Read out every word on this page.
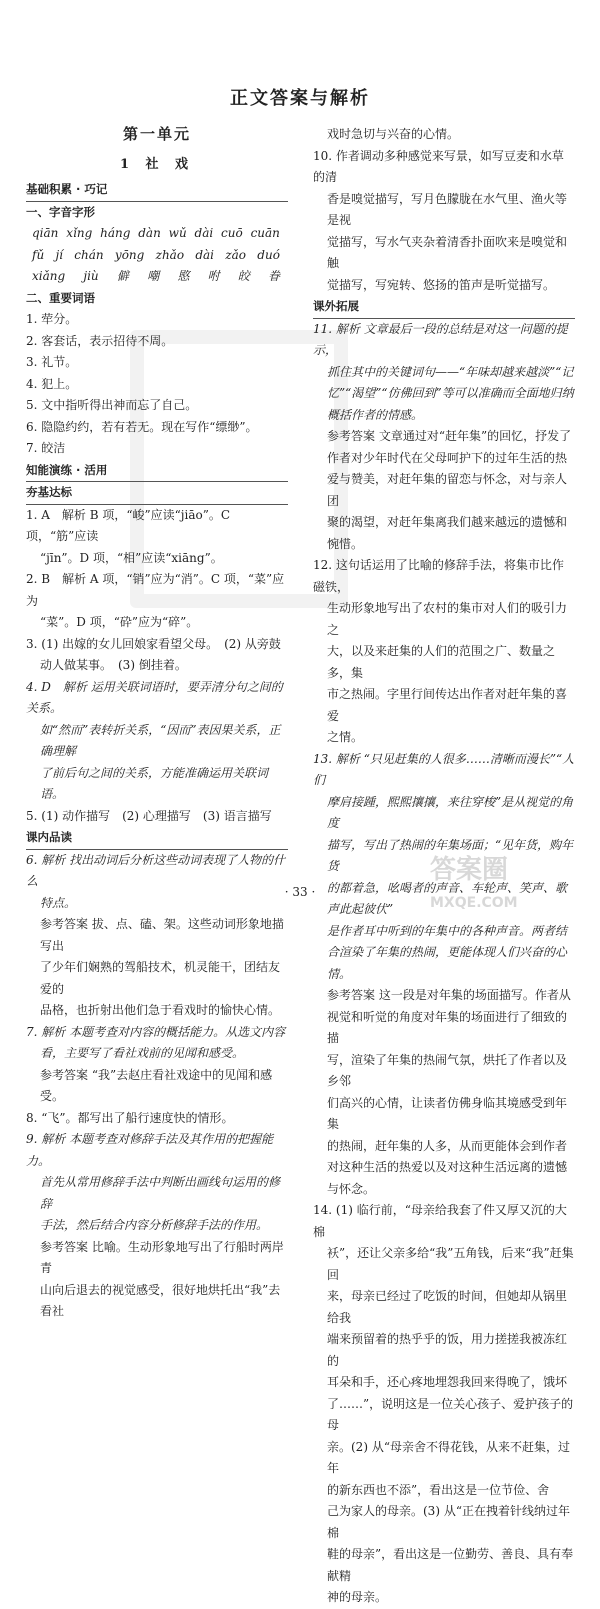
正文答案与解析
第一单元
1 社 戏
基础积累 · 巧记
一、字音字形
qiān xǐng háng dàn wǔ dài cuō cuān
fǔ jí chán yōng zhǎo dài zǎo duó
xiǎng jiù 僻 嘲 愍 咐 皎 眷
二、重要词语
1. 荦分。
2. 客套话，表示招待不周。
3. 礼节。
4. 犯上。
5. 文中指听得出神而忘了自己。
6. 隐隐约约，若有若无。现在写作“缥缈”。
7. 皎洁
知能演练 · 活用
夯基达标
1. A　解析 B 项，“峻”应读“jiāo”。C 项，“筋”应读
“jīn”。D 项，“相”应读“xiāng”。
2. B　解析 A 项，“销”应为“消”。C 项，“菜”应为
“菜”。D 项，“砕”应为“碎”。
3. (1) 出嫁的女儿回娘家看望父母。　(2) 从旁鼓
动人做某事。　(3) 倒挂着。
4. D　解析 运用关联词语时，要弄清分句之间的关系。
如“然而”表转折关系，“因而”表因果关系，正确理解
了前后句之间的关系，方能准确运用关联词语。
5. (1) 动作描写　(2) 心理描写　(3) 语言描写
课内品读
6. 解析 找出动词后分析这些动词表现了人物的什么
特点。
参考答案 拔、点、磕、架。这些动词形象地描写出
了少年们娴熟的驾船技术，机灵能干，团结友爱的
品格，也折射出他们急于看戏时的愉快心情。
7. 解析 本题考查对内容的概括能力。从选文内容
看，主要写了看社戏前的见闻和感受。
参考答案 “我”去赵庄看社戏途中的见闻和感受。
8. “飞”。都写出了船行速度快的情形。
9. 解析 本题考查对修辞手法及其作用的把握能力。
首先从常用修辞手法中判断出画线句运用的修辞
手法，然后结合内容分析修辞手法的作用。
参考答案 比喻。生动形象地写出了行船时两岸青
山向后退去的视觉感受，很好地烘托出“我”去看社
戏时急切与兴奋的心情。
10. 作者调动多种感觉来写景，如写豆麦和水草的清
香是嗅觉描写，写月色朦胧在水气里、渔火等是视
觉描写，写水气夹杂着清香扑面吹来是嗅觉和触
觉描写，写宛转、悠扬的笛声是听觉描写。
课外拓展
11. 解析 文章最后一段的总结是对这一问题的提示，
抓住其中的关键词句——“年味却越来越淡”“记
忆”“渴望”“仿佛回到”等可以准确而全面地归纳
概括作者的情感。
参考答案 文章通过对“赶年集”的回忆，抒发了
作者对少年时代在父母呵护下的过年生活的热
爱与赞美，对赶年集的留恋与怀念，对与亲人团
聚的渴望，对赶年集离我们越来越远的遗憾和
惋惜。
12. 这句话运用了比喻的修辞手法，将集市比作磁铁，
生动形象地写出了农村的集市对人们的吸引力之
大，以及来赶集的人们的范围之广、数量之多，集
市之热闹。字里行间传达出作者对赶年集的喜爱
之情。
13. 解析 “只见赶集的人很多……清晰而漫长”“人们
摩肩接踵，熙熙攘攘，来往穿梭”是从视觉的角度
描写，写出了热闹的年集场面；“见年货，购年货
的都着急，吆喝者的声音、车轮声、笑声、歌声此起彼伏”
是作者耳中听到的年集中的各种声音。两者结
合渲染了年集的热闹，更能体现人们兴奋的心情。
参考答案 这一段是对年集的场面描写。作者从
视觉和听觉的角度对年集的场面进行了细致的描
写，渲染了年集的热闹气氛，烘托了作者以及乡邻
们高兴的心情，让读者仿佛身临其境感受到年集
的热闹，赶年集的人多，从而更能体会到作者
对这种生活的热爱以及对这种生活远离的遗憾
与怀念。
14. (1) 临行前，“母亲给我套了件又厚又沉的大棉
袄”，还让父亲多给“我”五角钱，后来“我”赶集回
来，母亲已经过了吃饭的时间，但她却从锅里给我
端来预留着的热乎乎的饭，用力搓搓我被冻红的
耳朵和手，还心疼地埋怨我回来得晚了，饿坏
了……”，说明这是一位关心孩子、爱护孩子的母
亲。(2) 从“母亲舍不得花钱，从来不赶集，过年
的新东西也不添”，看出这是一位节俭、舍
己为家人的母亲。(3) 从“正在拽着针线纳过年棉
鞋的母亲”，看出这是一位勤劳、善良、具有奉献精
神的母亲。
· 33 ·
答案圈
MXQE.COM
